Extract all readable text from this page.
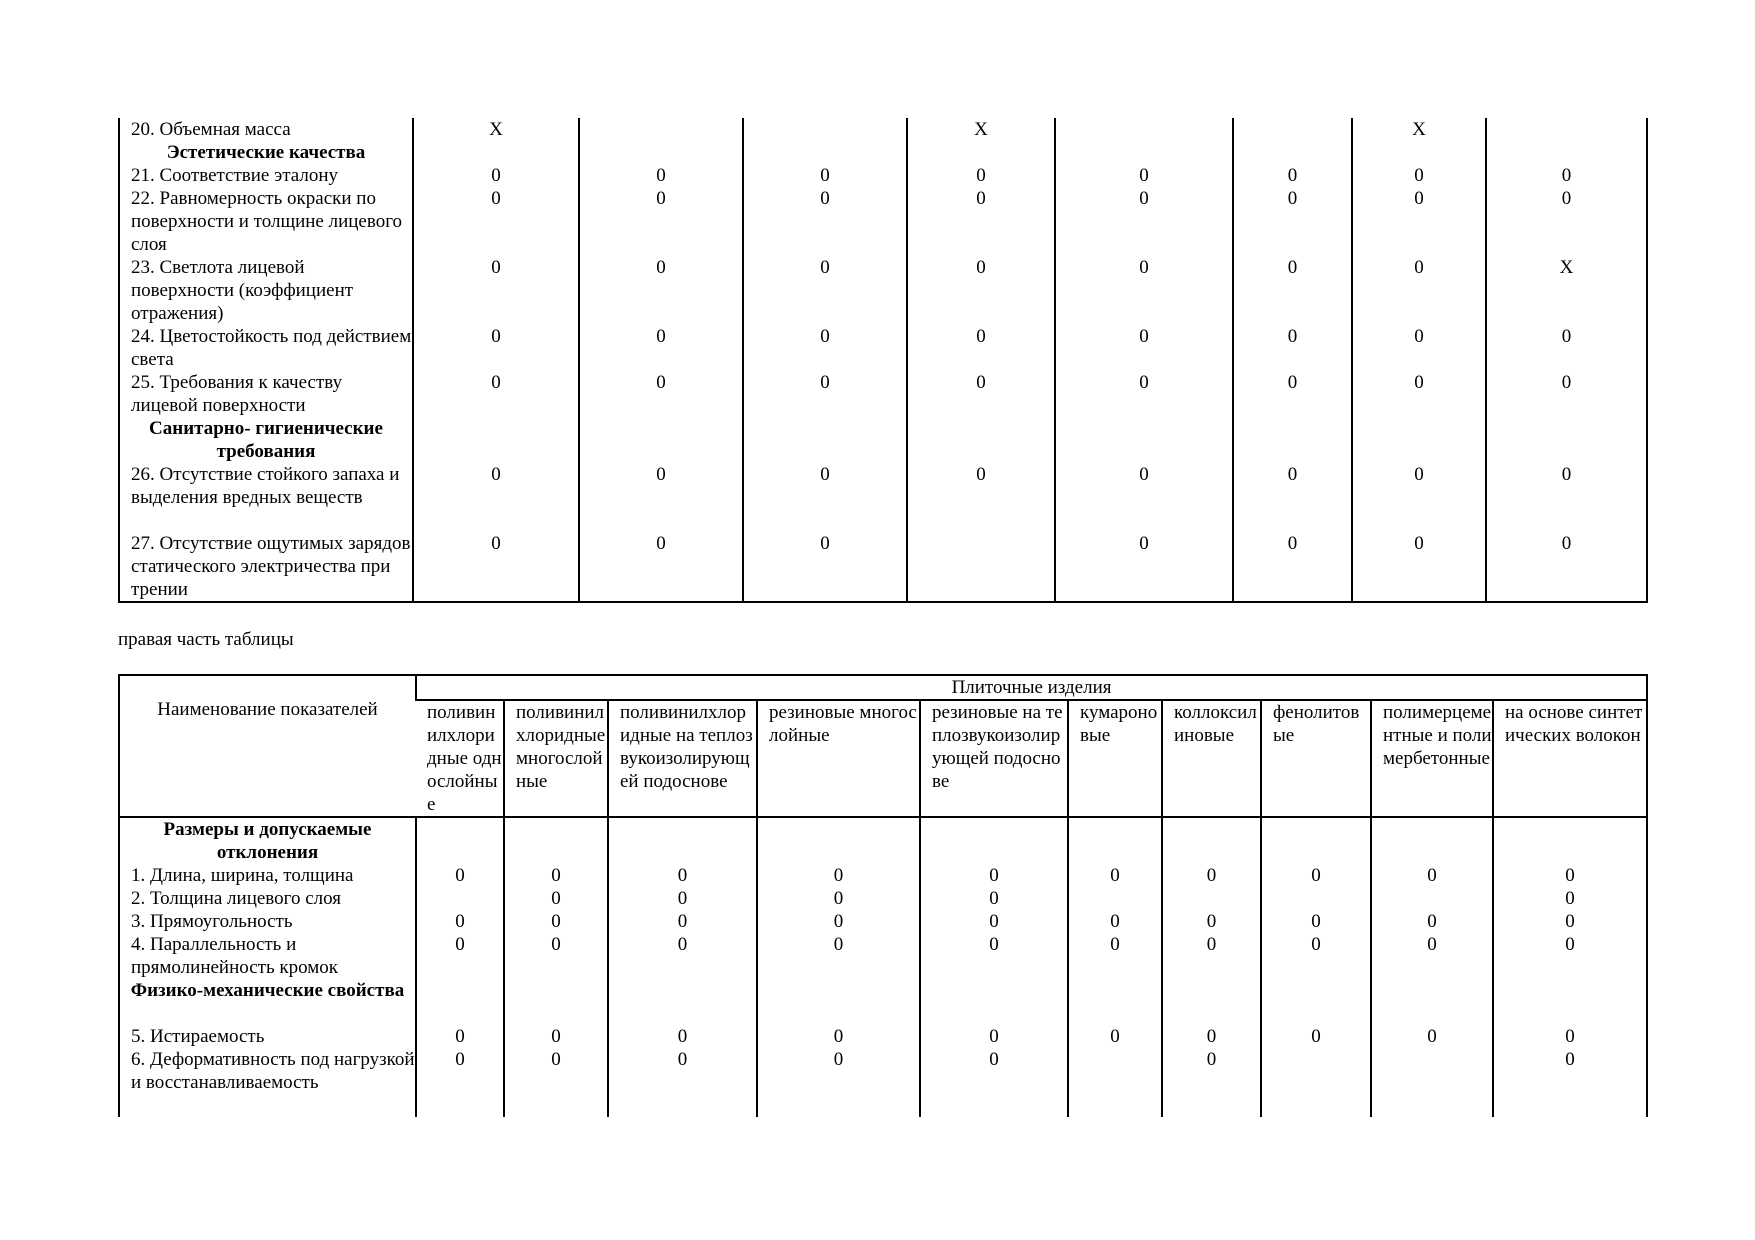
20. Объемная масса	X			X			X	
Эстетические качества								
21. Соответствие эталону	0	0	0	0	0	0	0	0
22. Равномерность окраски по поверхности и толщине лицевого слоя	0	0	0	0	0	0	0	0
23. Светлота лицевой поверхности (коэффициент отражения)	0	0	0	0	0	0	0	X
24. Цветостойкость под действием света	0	0	0	0	0	0	0	0
25. Требования к качеству лицевой поверхности	0	0	0	0	0	0	0	0
Санитарно- гигиенические требования								
26. Отсутствие стойкого запаха и выделения вредных веществ	0	0	0	0	0	0	0	0
27. Отсутствие ощутимых зарядов статического электричества при трении	0	0	0		0	0	0	0
правая часть таблицы
Наименование показателей	Плиточные изделия									
	поливинилхлоридные однослойные	поливинилхлоридные многослойные	поливинилхлоридные на теплозвукоизолирующей подоснове	резиновые многослойные	резиновые на теплозвукоизолирующей подоснове	кумароновые	коллоксилиновые	фенолитовые	полимерцементные и полимербетонные	на основе синтетических волокон
Размеры и допускаемые отклонения										
1. Длина, ширина, толщина	0	0	0	0	0	0	0	0	0	0
2. Толщина лицевого слоя		0	0	0	0					0
3. Прямоугольность	0	0	0	0	0	0	0	0	0	0
4. Параллельность и прямолинейность кромок	0	0	0	0	0	0	0	0	0	0
Физико-механические свойства										
5. Истираемость	0	0	0	0	0	0	0	0	0	0
6. Деформативность под нагрузкой и восстанавливаемость	0	0	0	0	0		0			0
